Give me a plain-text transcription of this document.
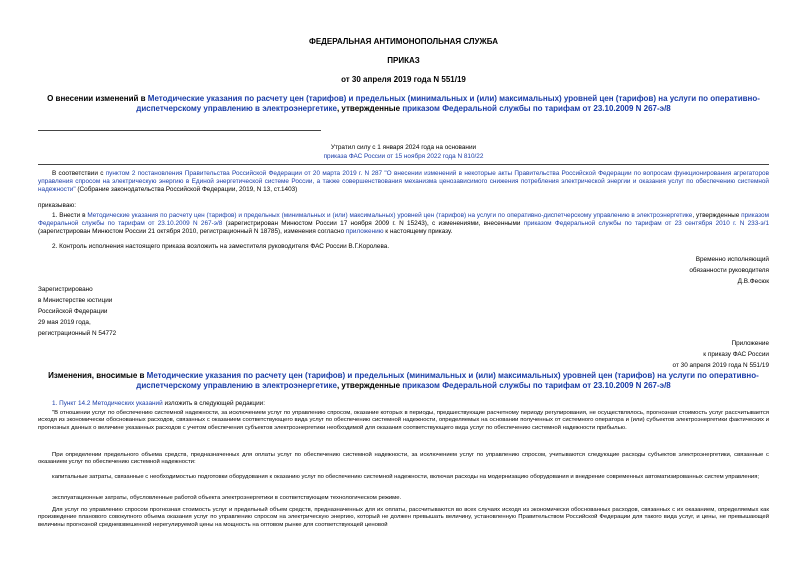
ФЕДЕРАЛЬНАЯ АНТИМОНОПОЛЬНАЯ СЛУЖБА
ПРИКАЗ
от 30 апреля 2019 года N 551/19
О внесении изменений в Методические указания по расчету цен (тарифов) и предельных (минимальных и (или) максимальных) уровней цен (тарифов) на услуги по оперативно-диспетчерскому управлению в электроэнергетике, утвержденные приказом Федеральной службы по тарифам от 23.10.2009 N 267-э/8
Утратил силу с 1 января 2024 года на основании
приказа ФАС России от 15 ноября 2022 года N 810/22
В соответствии с пунктом 2 постановления Правительства Российской Федерации от 20 марта 2019 г. N 287 "О внесении изменений в некоторые акты Правительства Российской Федерации по вопросам функционирования агрегаторов управления спросом на электрическую энергию в Единой энергетической системе России, а также совершенствования механизма ценозависимого снижения потребления электрической энергии и оказания услуг по обеспечению системной надежности" (Собрание законодательства Российской Федерации, 2019, N 13, ст.1403)
приказываю:
1. Внести в Методические указания по расчету цен (тарифов) и предельных (минимальных и (или) максимальных) уровней цен (тарифов) на услуги по оперативно-диспетчерскому управлению в электроэнергетике, утвержденные приказом Федеральной службы по тарифам от 23.10.2009 N 267-э/8 (зарегистрирован Минюстом России 17 ноября 2009 г. N 15243), с изменениями, внесенными приказом Федеральной службы по тарифам от 23 сентября 2010 г. N 233-э/1 (зарегистрирован Минюстом России 21 октября 2010, регистрационный N 18785), изменения согласно приложению к настоящему приказу.
2. Контроль исполнения настоящего приказа возложить на заместителя руководителя ФАС России В.Г.Королева.
Временно исполняющий
обязанности руководителя
Д.В.Фесюк
Зарегистрировано
в Министерстве юстиции
Российской Федерации
29 мая 2019 года,
регистрационный N 54772
Приложение
к приказу ФАС России
от 30 апреля 2019 года N 551/19
Изменения, вносимые в Методические указания по расчету цен (тарифов) и предельных (минимальных и (или) максимальных) уровней цен (тарифов) на услуги по оперативно-диспетчерскому управлению в электроэнергетике, утвержденные приказом Федеральной службы по тарифам от 23.10.2009 N 267-э/8
1. Пункт 14.2 Методических указаний изложить в следующей редакции:
"В отношении услуг по обеспечению системной надежности, за исключением услуг по управлению спросом, оказание которых в периоды, предшествующие расчетному периоду регулирования, не осуществлялось, прогнозная стоимость услуг рассчитывается исходя из экономически обоснованных расходов, связанных с оказанием соответствующего вида услуг по обеспечению системной надежности, определяемых на основании полученных от системного оператора и (или) субъектов электроэнергетики фактических и прогнозных данных о величине указанных расходов с учетом обеспечения субъектов электроэнергетики необходимой для оказания соответствующего вида услуг по обеспечению системной надежности прибылью.
При определении предельного объема средств, предназначенных для оплаты услуг по обеспечению системной надежности, за исключением услуг по управлению спросом, учитываются следующие расходы субъектов электроэнергетики, связанные с оказанием услуг по обеспечению системной надежности:
капитальные затраты, связанные с необходимостью подготовки оборудования к оказанию услуг по обеспечению системной надежности, включая расходы на модернизацию оборудования и внедрение современных автоматизированных систем управления;
эксплуатационные затраты, обусловленные работой объекта электроэнергетики в соответствующем технологическом режиме.
Для услуг по управлению спросом прогнозная стоимость услуг и предельный объем средств, предназначенных для их оплаты, рассчитываются во всех случаях исходя из экономически обоснованных расходов, связанных с их оказанием, определяемых как произведение планового совокупного объема оказания услуг по управлению спросом на электрическую энергию, который не должен превышать величину, установленную Правительством Российской Федерации для такого вида услуг, и цены, не превышающей величины прогнозной средневзвешенной нерегулируемой цены на мощность на оптовом рынке для соответствующей ценовой
